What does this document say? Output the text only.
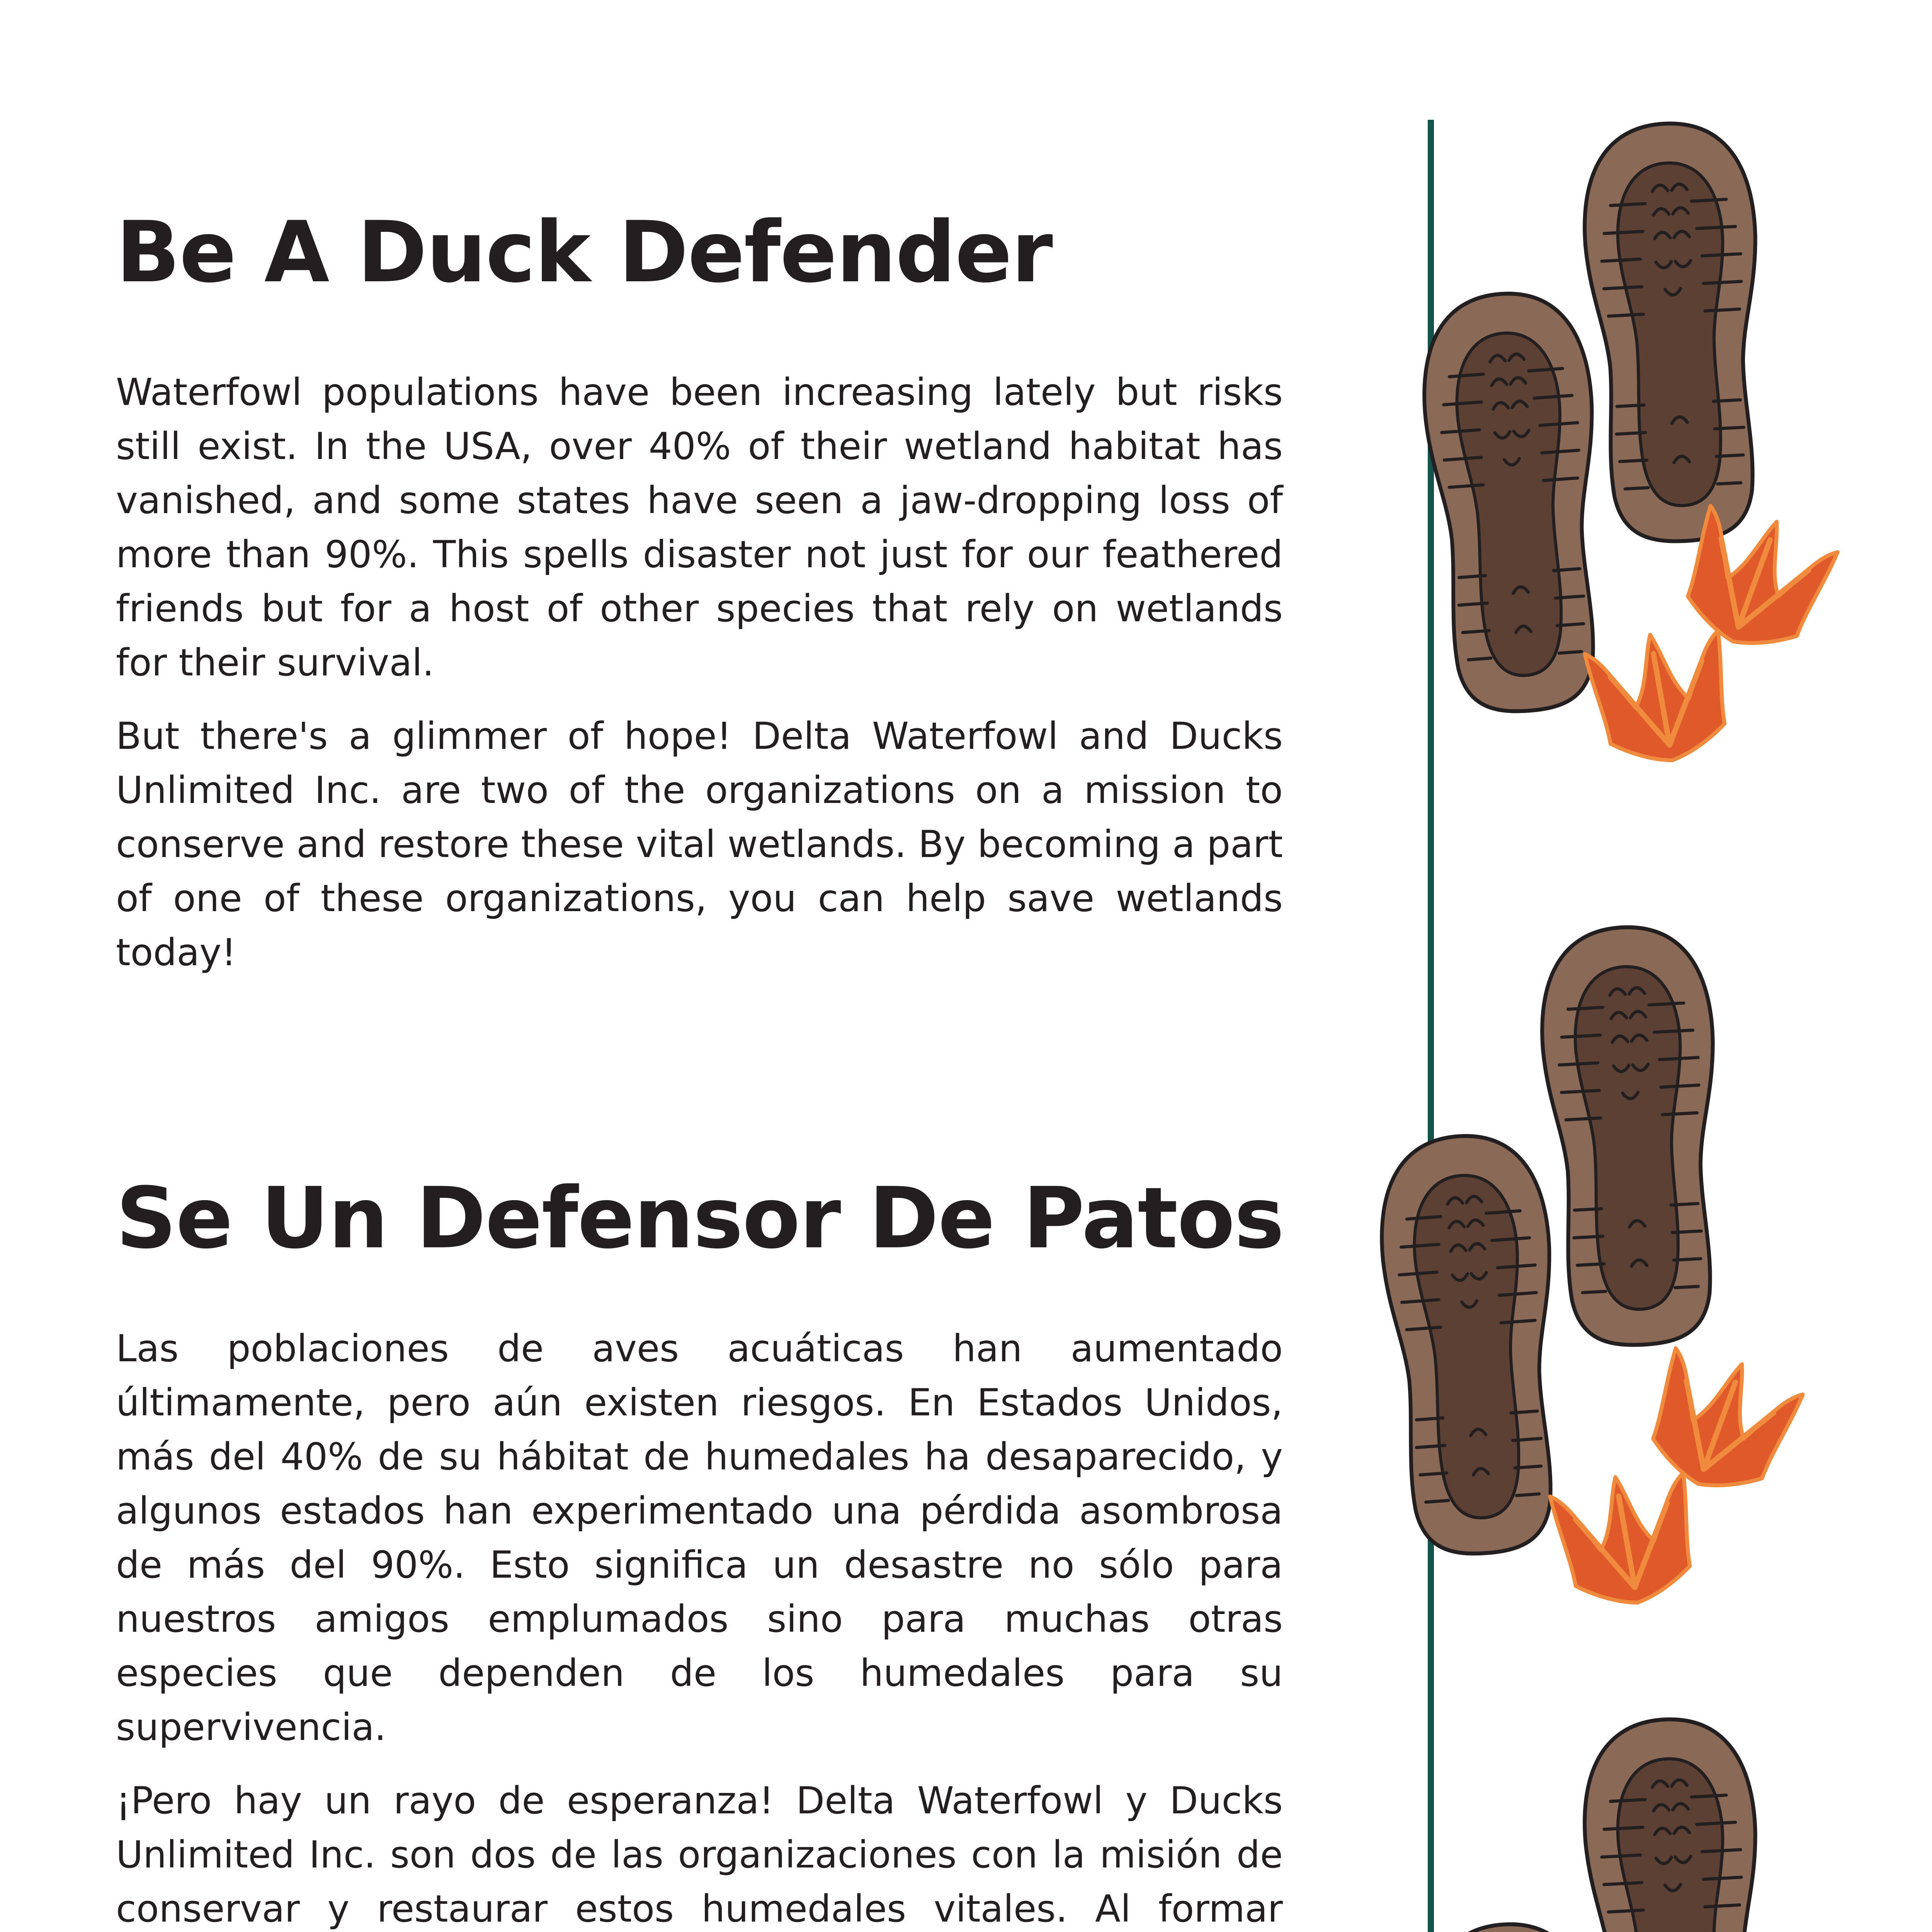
Be A Duck Defender

Waterfowl populations have been increasing lately but risks still exist. In the USA, over 40% of their wetland habitat has vanished, and some states have seen a jaw-dropping loss of more than 90%. This spells disaster not just for our feathered friends but for a host of other species that rely on wetlands for their survival.

But there's a glimmer of hope! Delta Waterfowl and Ducks Unlimited Inc. are two of the organizations on a mission to conserve and restore these vital wetlands. By becoming a part of one of these organizations, you can help save wetlands today!

Se Un Defensor De Patos

Las poblaciones de aves acuáticas han aumentado últimamente, pero aún existen riesgos. En Estados Unidos, más del 40% de su hábitat de humedales ha desaparecido, y algunos estados han experimentado una pérdida asombrosa de más del 90%. Esto significa un desastre no sólo para nuestros amigos emplumados sino para muchas otras especies que dependen de los humedales para su supervivencia.

¡Pero hay un rayo de esperanza! Delta Waterfowl y Ducks Unlimited Inc. son dos de las organizaciones con la misión de conservar y restaurar estos humedales vitales. Al formar
